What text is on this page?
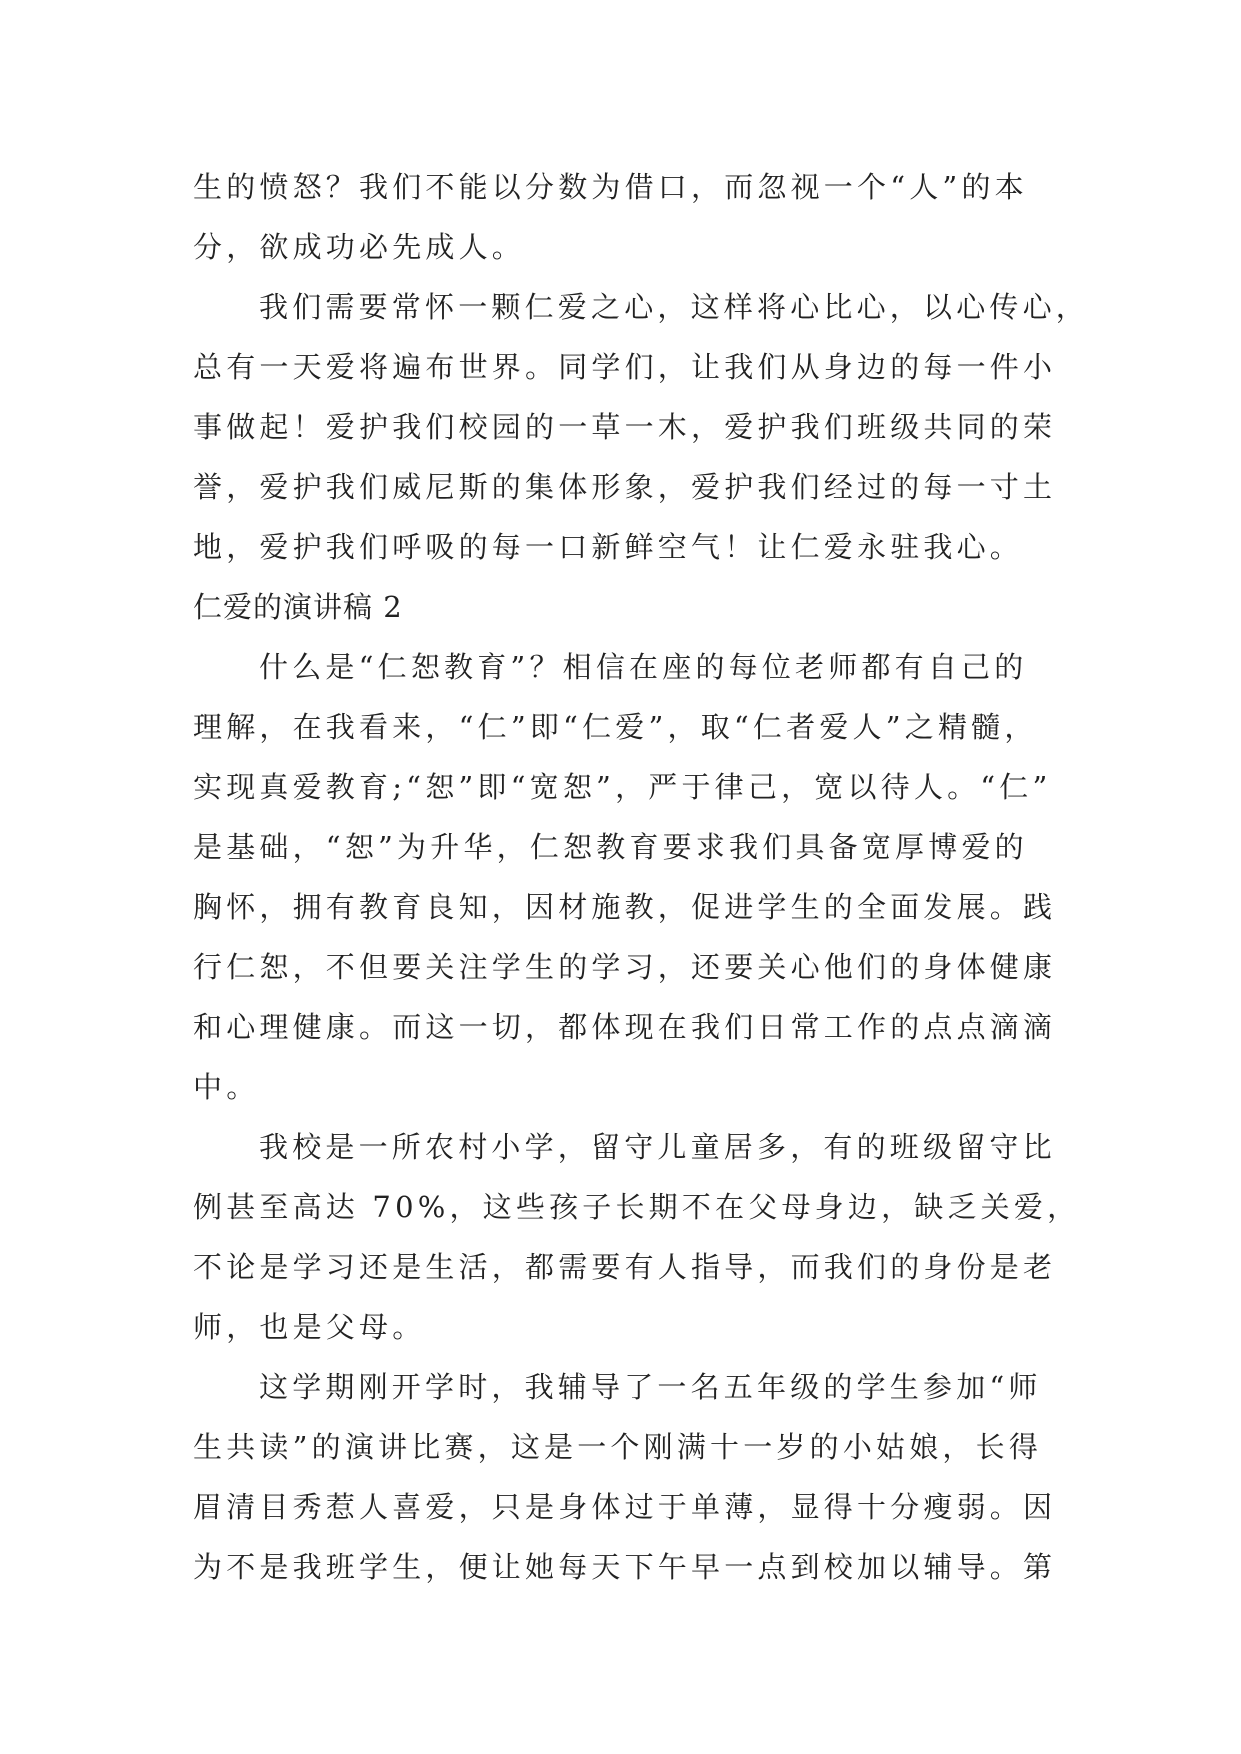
生的愤怒？我们不能以分数为借口，而忽视一个“人”的本
分，欲成功必先成人。
我们需要常怀一颗仁爱之心，这样将心比心，以心传心，
总有一天爱将遍布世界。同学们，让我们从身边的每一件小
事做起！爱护我们校园的一草一木，爱护我们班级共同的荣
誉，爱护我们威尼斯的集体形象，爱护我们经过的每一寸土
地，爱护我们呼吸的每一口新鲜空气！让仁爱永驻我心。
仁爱的演讲稿 2
什么是“仁恕教育”？相信在座的每位老师都有自己的
理解，在我看来，“仁”即“仁爱”，取“仁者爱人”之精髓，
实现真爱教育;“恕”即“宽恕”，严于律己，宽以待人。“仁”
是基础，“恕”为升华，仁恕教育要求我们具备宽厚博爱的
胸怀，拥有教育良知，因材施教，促进学生的全面发展。践
行仁恕，不但要关注学生的学习，还要关心他们的身体健康
和心理健康。而这一切，都体现在我们日常工作的点点滴滴
中。
我校是一所农村小学，留守儿童居多，有的班级留守比
例甚至高达 70%，这些孩子长期不在父母身边，缺乏关爱，
不论是学习还是生活，都需要有人指导，而我们的身份是老
师，也是父母。
这学期刚开学时，我辅导了一名五年级的学生参加“师
生共读”的演讲比赛，这是一个刚满十一岁的小姑娘，长得
眉清目秀惹人喜爱，只是身体过于单薄，显得十分瘦弱。因
为不是我班学生，便让她每天下午早一点到校加以辅导。第
